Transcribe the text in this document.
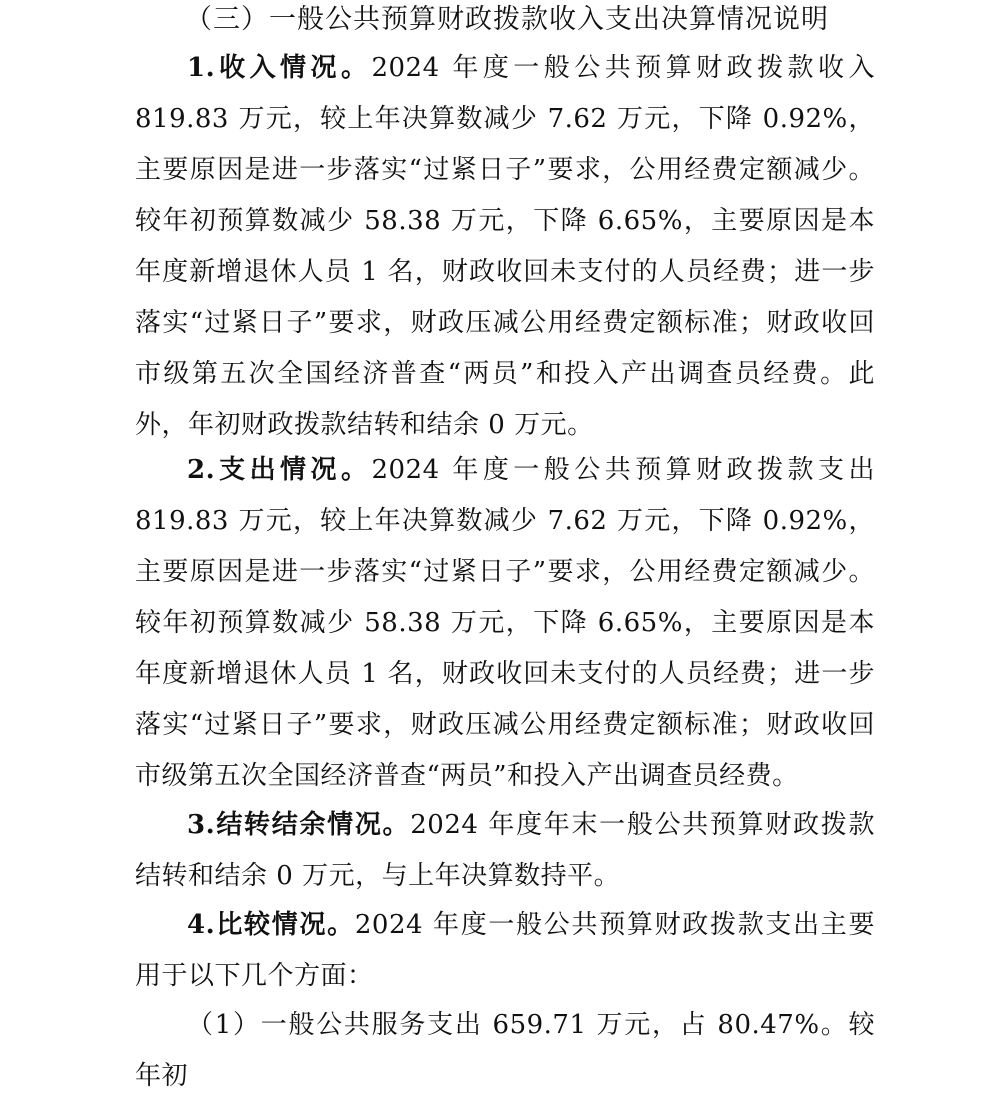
（三）一般公共预算财政拨款收入支出决算情况说明

1.收入情况。2024 年度一般公共预算财政拨款收入 819.83 万元，较上年决算数减少 7.62 万元，下降 0.92%，主要原因是进一步落实“过紧日子”要求，公用经费定额减少。较年初预算数减少 58.38 万元，下降 6.65%，主要原因是本年度新增退休人员 1 名，财政收回未支付的人员经费；进一步落实“过紧日子”要求，财政压减公用经费定额标准；财政收回市级第五次全国经济普查“两员”和投入产出调查员经费。此外，年初财政拨款结转和结余 0 万元。

2.支出情况。2024 年度一般公共预算财政拨款支出 819.83 万元，较上年决算数减少 7.62 万元，下降 0.92%，主要原因是进一步落实“过紧日子”要求，公用经费定额减少。较年初预算数减少 58.38 万元，下降 6.65%，主要原因是本年度新增退休人员 1 名，财政收回未支付的人员经费；进一步落实“过紧日子”要求，财政压减公用经费定额标准；财政收回市级第五次全国经济普查“两员”和投入产出调查员经费。

3.结转结余情况。2024 年度年末一般公共预算财政拨款结转和结余 0 万元，与上年决算数持平。

4.比较情况。2024 年度一般公共预算财政拨款支出主要用于以下几个方面：

（1）一般公共服务支出 659.71 万元，占 80.47%。较年初
